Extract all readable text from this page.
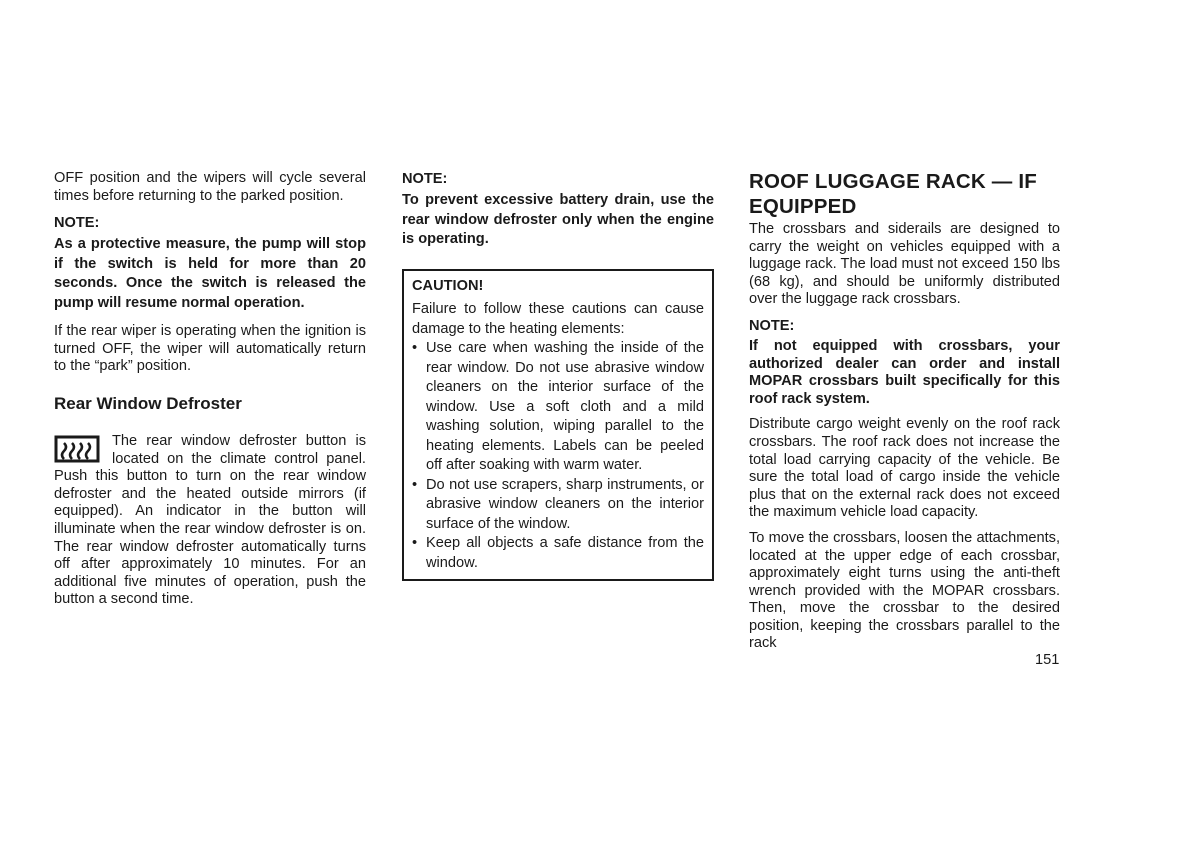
OFF position and the wipers will cycle several times before returning to the parked position.

NOTE:
As a protective measure, the pump will stop if the switch is held for more than 20 seconds. Once the switch is released the pump will resume normal operation.

If the rear wiper is operating when the ignition is turned OFF, the wiper will automatically return to the “park” position.

Rear Window Defroster

The rear window defroster button is located on the climate control panel. Push this button to turn on the rear window defroster and the heated outside mirrors (if equipped). An indicator in the button will illuminate when the rear window defroster is on. The rear window defroster automatically turns off after approximately 10 minutes. For an additional five minutes of operation, push the button a second time.

NOTE:
To prevent excessive battery drain, use the rear window defroster only when the engine is operating.
CAUTION!

Failure to follow these cautions can cause damage to the heating elements:

• Use care when washing the inside of the rear window. Do not use abrasive window cleaners on the interior surface of the window. Use a soft cloth and a mild washing solution, wiping parallel to the heating elements. Labels can be peeled off after soaking with warm water.
• Do not use scrapers, sharp instruments, or abrasive window cleaners on the interior surface of the window.
• Keep all objects a safe distance from the window.
ROOF LUGGAGE RACK — IF EQUIPPED

The crossbars and siderails are designed to carry the weight on vehicles equipped with a luggage rack. The load must not exceed 150 lbs (68 kg), and should be uniformly distributed over the luggage rack crossbars.

NOTE:
If not equipped with crossbars, your authorized dealer can order and install MOPAR crossbars built specifically for this roof rack system.

Distribute cargo weight evenly on the roof rack crossbars. The roof rack does not increase the total load carrying capacity of the vehicle. Be sure the total load of cargo inside the vehicle plus that on the external rack does not exceed the maximum vehicle load capacity.

To move the crossbars, loosen the attachments, located at the upper edge of each crossbar, approximately eight turns using the anti-theft wrench provided with the MOPAR crossbars. Then, move the crossbar to the desired position, keeping the crossbars parallel to the rack

151
